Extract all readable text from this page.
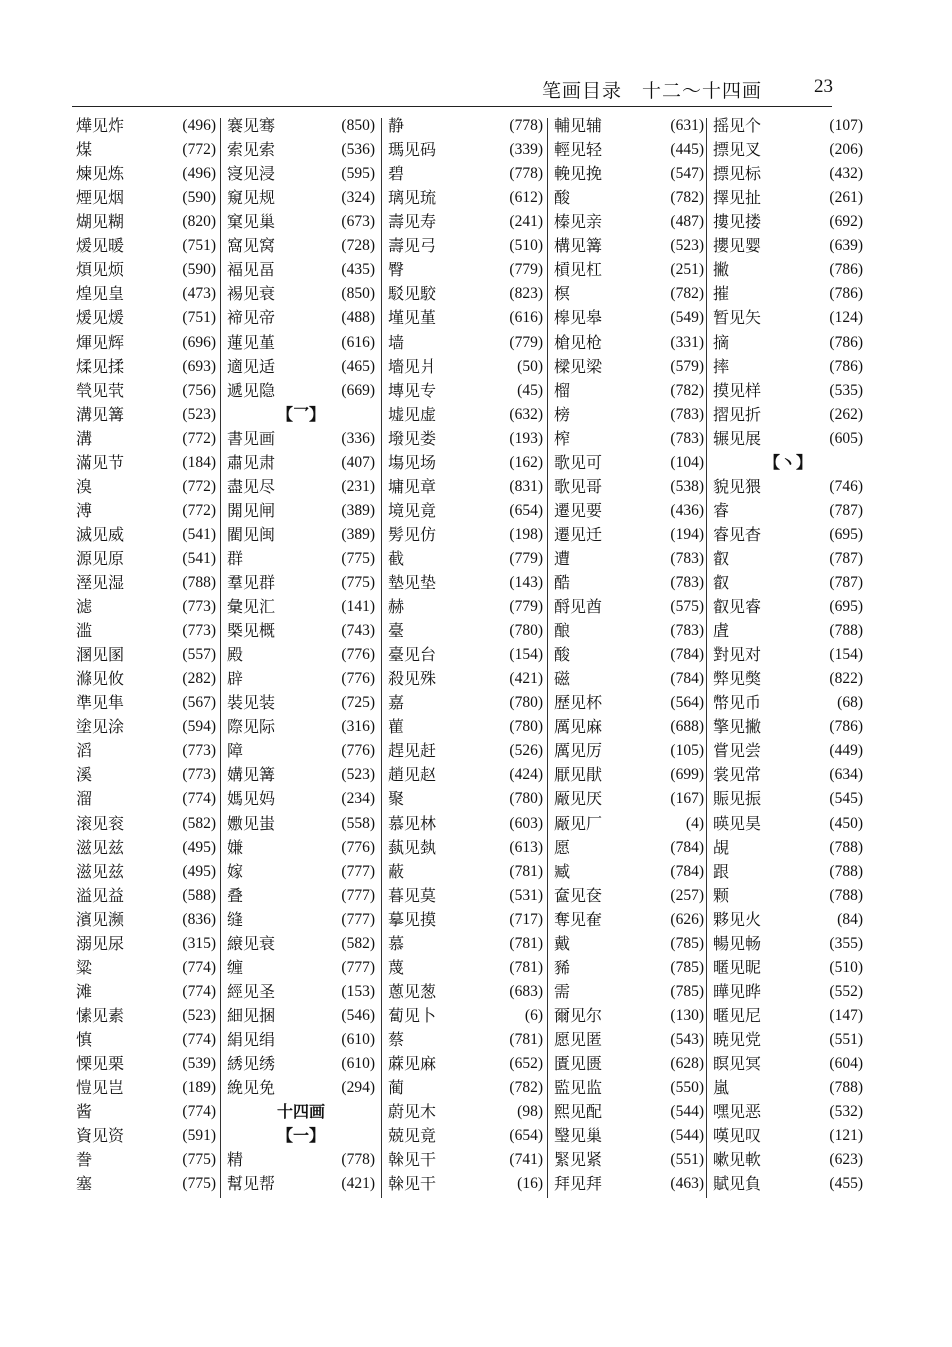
笔画目录　十二～十四画	23
燁见炸	(496)
煤	(772)
煉见炼	(496)
煙见烟	(590)
煳见糊	(820)
煖见暖	(751)
煩见烦	(590)
煌见皇	(473)
煖见煖	(751)
煇见辉	(696)
煣见揉	(693)
煢见茕	(756)
溝见篝	(523)
溝	(772)
滿见节	(184)
溴	(772)
溥	(772)
滅见威	(541)
源见原	(541)
溼见湿	(788)
滤	(773)
滥	(773)
溷见圂	(557)
滌见攸	(282)
準见隼	(567)
塗见涂	(594)
滔	(773)
溪	(773)
溜	(774)
滚见衮	(582)
滋见兹	(495)
滋见兹	(495)
溢见益	(588)
濱见濒	(836)
溺见尿	(315)
粱	(774)
滩	(774)
愫见素	(523)
慎	(774)
慄见栗	(539)
愷见岂	(189)
酱	(774)
資见资	(591)
誊	(775)
塞	(775)
褰见骞	(850)
索见索	(536)
寖见浸	(595)
窺见规	(324)
窠见巢	(673)
窩见窝	(728)
褔见畐	(435)
裼见衰	(850)
褅见帝	(488)
蓮见堇	(616)
適见适	(465)
遞见隐	(669)
【乛】
書见画	(336)
肅见肃	(407)
盡见尽	(231)
閞见闸	(389)
閵见闽	(389)
群	(775)
羣见群	(775)
彙见汇	(141)
槩见概	(743)
殿	(776)
辟	(776)
裝见装	(725)
際见际	(316)
障	(776)
媾见篝	(523)
媽见妈	(234)
嫐见蚩	(558)
嫌	(776)
嫁	(777)
叠	(777)
缝	(777)
縗见衰	(582)
缠	(777)
經见圣	(153)
細见捆	(546)
絹见绢	(610)
綉见绣	(610)
絻见免	(294)
十四画
【一】
精	(778)
幫见帮	(421)
静	(778)
瑪见码	(339)
碧	(778)
璃见琉	(612)
壽见寿	(241)
壽见弓	(510)
臀	(779)
駁见駮	(823)
墐见堇	(616)
墙	(779)
墻见爿	(50)
塼见专	(45)
墟见虚	(632)
墢见娄	(193)
塲见场	(162)
墉见章	(831)
境见竟	(654)
髣见仿	(198)
截	(779)
墊见垫	(143)
赫	(779)
臺	(780)
臺见台	(154)
殺见殊	(421)
嘉	(780)
雚	(780)
趕见赶	(526)
趙见赵	(424)
聚	(780)
慕见林	(603)
蓺见埶	(613)
蔽	(781)
暮见莫	(531)
摹见摸	(717)
慕	(781)
蔑	(781)
蔥见葱	(683)
蔔见卜	(6)
蔡	(781)
蔴见麻	(652)
蔺	(782)
蔚见木	(98)
兢见竟	(654)
榦见干	(741)
榦见干	(16)
輔见辅	(631)
輕见轻	(445)
輓见挽	(547)
酸	(782)
榛见亲	(487)
構见篝	(523)
槓见杠	(251)
榠	(782)
槔见皋	(549)
槍见枪	(331)
樑见梁	(579)
榴	(782)
榜	(783)
榨	(783)
歌见可	(104)
歌见哥	(538)
遷见要	(436)
遷见迁	(194)
遭	(783)
酷	(783)
酹见酋	(575)
酿	(783)
酸	(784)
磁	(784)
歷见杯	(564)
厲见麻	(688)
厲见厉	(105)
厭见猒	(699)
厰见厌	(167)
厰见厂	(4)
愿	(784)
臧	(784)
奩见奁	(257)
奪见奞	(626)
戴	(785)
豨	(785)
需	(785)
爾见尔	(130)
愿见匿	(543)
匱见匮	(628)
監见监	(550)
熙见配	(544)
瑿见巢	(544)
緊见紧	(551)
拜见拜	(463)
摇见个	(107)
摽见叉	(206)
摽见标	(432)
擇见扯	(261)
摟见搂	(692)
攖见婴	(639)
撇	(786)
摧	(786)
暂见矢	(124)
摘	(786)
摔	(786)
摸见样	(535)
摺见折	(262)
辗见展	(605)
【丶】
貌见猥	(746)
睿	(787)
睿见杳	(695)
叡	(787)
叡	(787)
叡见睿	(695)
虘	(788)
對见对	(154)
弊见獘	(822)
幣见币	(68)
擎见撇	(786)
嘗见尝	(449)
裳见常	(634)
賑见振	(545)
暎见昊	(450)
覘	(788)
跟	(788)
颗	(788)
夥见火	(84)
暢见畅	(355)
暱见昵	(510)
曄见晔	(552)
暱见尼	(147)
暁见党	(551)
瞑见冥	(604)
嵐	(788)
嘿见恶	(532)
嘆见叹	(121)
嗽见軟	(623)
賦见負	(455)
